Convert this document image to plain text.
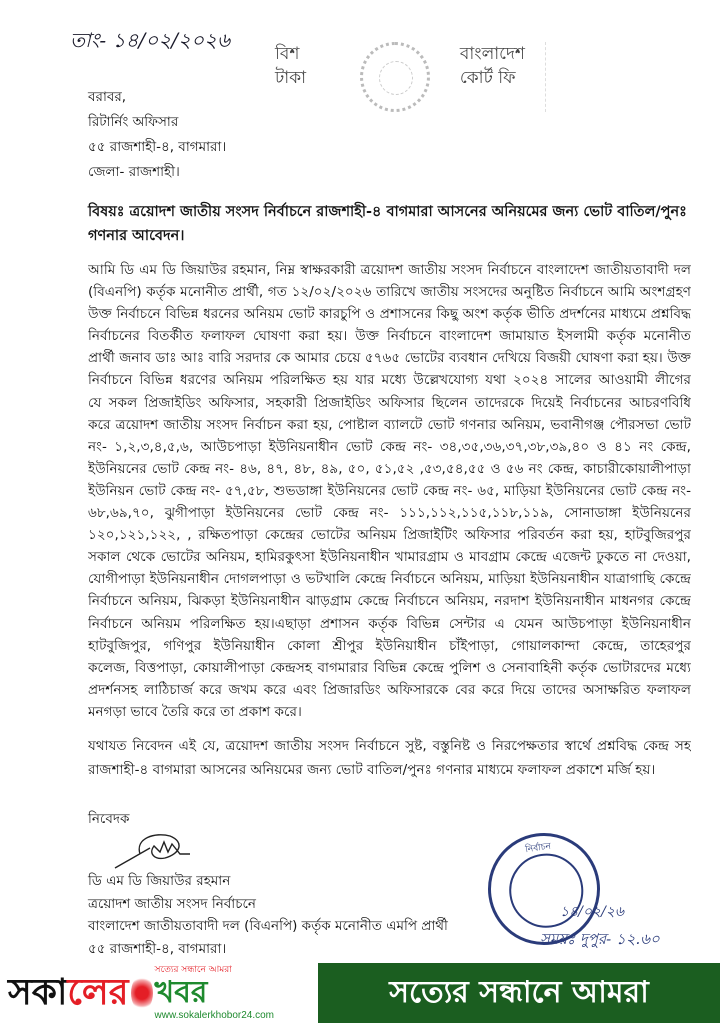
তাং- ১৪/০২/২০২৬
বিশ
টাকা
বাংলাদেশ
কোর্ট ফি
বরাবর,
রিটার্নিং অফিসার
৫৫ রাজশাহী-৪, বাগমারা।
জেলা- রাজশাহী।
বিষয়ঃ ত্রয়োদশ জাতীয় সংসদ নির্বাচনে রাজশাহী-৪ বাগমারা আসনের অনিয়মের জন্য ভোট বাতিল/পুনঃ গণনার আবেদন।
আমি ডি এম ডি জিয়াউর রহমান, নিম্ন স্বাক্ষরকারী ত্রয়োদশ জাতীয় সংসদ নির্বাচনে বাংলাদেশ জাতীয়তাবাদী দল
(বিএনপি) কর্তৃক মনোনীত প্রার্থী, গত ১২/০২/২০২৬ তারিখে জাতীয় সংসদের অনুষ্টিত নির্বাচনে আমি অংশগ্রহণ
উক্ত নির্বাচনে বিভিন্ন ধরনের অনিয়ম ভোট কারচুপি ও প্রশাসনের কিছু অংশ কর্তৃক ভীতি প্রদর্শনের মাধ্যমে প্রশ্নবিদ্ধ
নির্বাচনের বিতর্কীত ফলাফল ঘোষণা করা হয়। উক্ত নির্বাচনে বাংলাদেশ জামায়াত ইসলামী কর্তৃক মনোনীত
প্রার্থী জনাব ডাঃ আঃ বারি সরদার কে আমার চেয়ে ৫৭৬৫ ভোটের ব্যবধান দেখিয়ে বিজয়ী ঘোষণা করা হয়। উক্ত
নির্বাচনে বিভিন্ন ধরণের অনিয়ম পরিলক্ষিত হয় যার মধ্যে উল্লেখযোগ্য যথা ২০২৪ সালের আওয়ামী লীগের
যে সকল প্রিজাইডিং অফিসার, সহকারী প্রিজাইডিং অফিসার ছিলেন তাদেরকে দিয়েই নির্বাচনের আচরণবিধি
করে ত্রয়োদশ জাতীয় সংসদ নির্বাচন করা হয়, পোষ্টাল ব্যালটে ভোট গণনার অনিয়ম, ভবানীগঞ্জ পৌরসভা ভোট
নং- ১,২,৩,৪,৫,৬, আউচপাড়া ইউনিয়নাধীন ভোট কেন্দ্র নং- ৩৪,৩৫,৩৬,৩৭,৩৮,৩৯,৪০ ও ৪১ নং কেন্দ্র,
ইউনিয়নের ভোট কেন্দ্র নং- ৪৬, ৪৭, ৪৮, ৪৯, ৫০, ৫১,৫২ ,৫৩,৫৪,৫৫ ও ৫৬ নং কেন্দ্র, কাচারীকোয়ালীপাড়া
ইউনিয়ন ভোট কেন্দ্র নং- ৫৭,৫৮, শুভডাঙ্গা ইউনিয়নের ভোট কেন্দ্র নং- ৬৫, মাড়িয়া ইউনিয়নের ভোট কেন্দ্র নং-
৬৮,৬৯,৭০, ঝুগীপাড়া ইউনিয়নের ভোট কেন্দ্র নং- ১১১,১১২,১১৫,১১৮,১১৯, সোনাডাঙ্গা ইউনিয়নের
১২০,১২১,১২২, , রক্ষিতপাড়া কেন্দ্রের ভোটের অনিয়ম প্রিজাইটিং অফিসার পরিবর্তন করা হয়, হাটবুজিরপুর
সকাল থেকে ভোটের অনিয়ম, হামিরকুৎসা ইউনিয়নাধীন খামারগ্রাম ও মাবগ্রাম কেন্দ্রে এজেন্ট ঢুকতে না দেওয়া,
যোগীপাড়া ইউনিয়নাধীন দোগলপাড়া ও ভটখালি কেন্দ্রে নির্বাচনে অনিয়ম, মাড়িয়া ইউনিয়নাধীন যাত্রাগাছি কেন্দ্রে
নির্বাচনে অনিয়ম, ঝিকড়া ইউনিয়নাধীন ঝাড়গ্রাম কেন্দ্রে নির্বাচনে অনিয়ম, নরদাশ ইউনিয়নাধীন মাধনগর কেন্দ্রে
নির্বাচনে অনিয়ম পরিলক্ষিত হয়।এছাড়া প্রশাসন কর্তৃক বিভিন্ন সেন্টার এ যেমন আউচপাড়া ইউনিয়নাধীন
হাটবুজিপুর, গণিপুর ইউনিয়াধীন কোলা শ্রীপুর ইউনিয়াধীন চাঁইপাড়া, গোয়ালকান্দা কেন্দ্রে, তাহেরপুর
কলেজ, বিত্তপাড়া, কোয়ালীপাড়া কেন্দ্রসহ বাগমারার বিভিন্ন কেন্দ্রে পুলিশ ও সেনাবাহিনী কর্তৃক ভোটারদের মধ্যে
প্রদর্শনসহ লাঠিচার্জ করে জখম করে এবং প্রিজারডিং অফিসারকে বের করে দিয়ে তাদের অসাক্ষরিত ফলাফল
মনগড়া ভাবে তৈরি করে তা প্রকাশ করে।
যথাযত নিবেদন এই যে, ত্রয়োদশ জাতীয় সংসদ নির্বাচনে সুষ্ট, বস্তুনিষ্ট ও নিরপেক্ষতার স্বার্থে প্রশ্নবিদ্ধ কেন্দ্র সহ
রাজশাহী-৪ বাগমারা আসনের অনিয়মের জন্য ভোট বাতিল/পুনঃ গণনার মাধ্যমে ফলাফল প্রকাশে মর্জি হয়।
নিবেদক
ডি এম ডি জিয়াউর রহমান
ত্রয়োদশ জাতীয় সংসদ নির্বাচনে
বাংলাদেশ জাতীয়তাবাদী দল (বিএনপি) কর্তৃক মনোনীত এমপি প্রার্থী
৫৫ রাজশাহী-৪, বাগমারা।
নির্বাচন
১৪/০২/২৬
সময়ঃ দুপুর- ১২.৬০
সকালের
সত্যের সন্ধানে আমরা
খবর
www.sokalerkhobor24.com
সত্যের সন্ধানে আমরা
